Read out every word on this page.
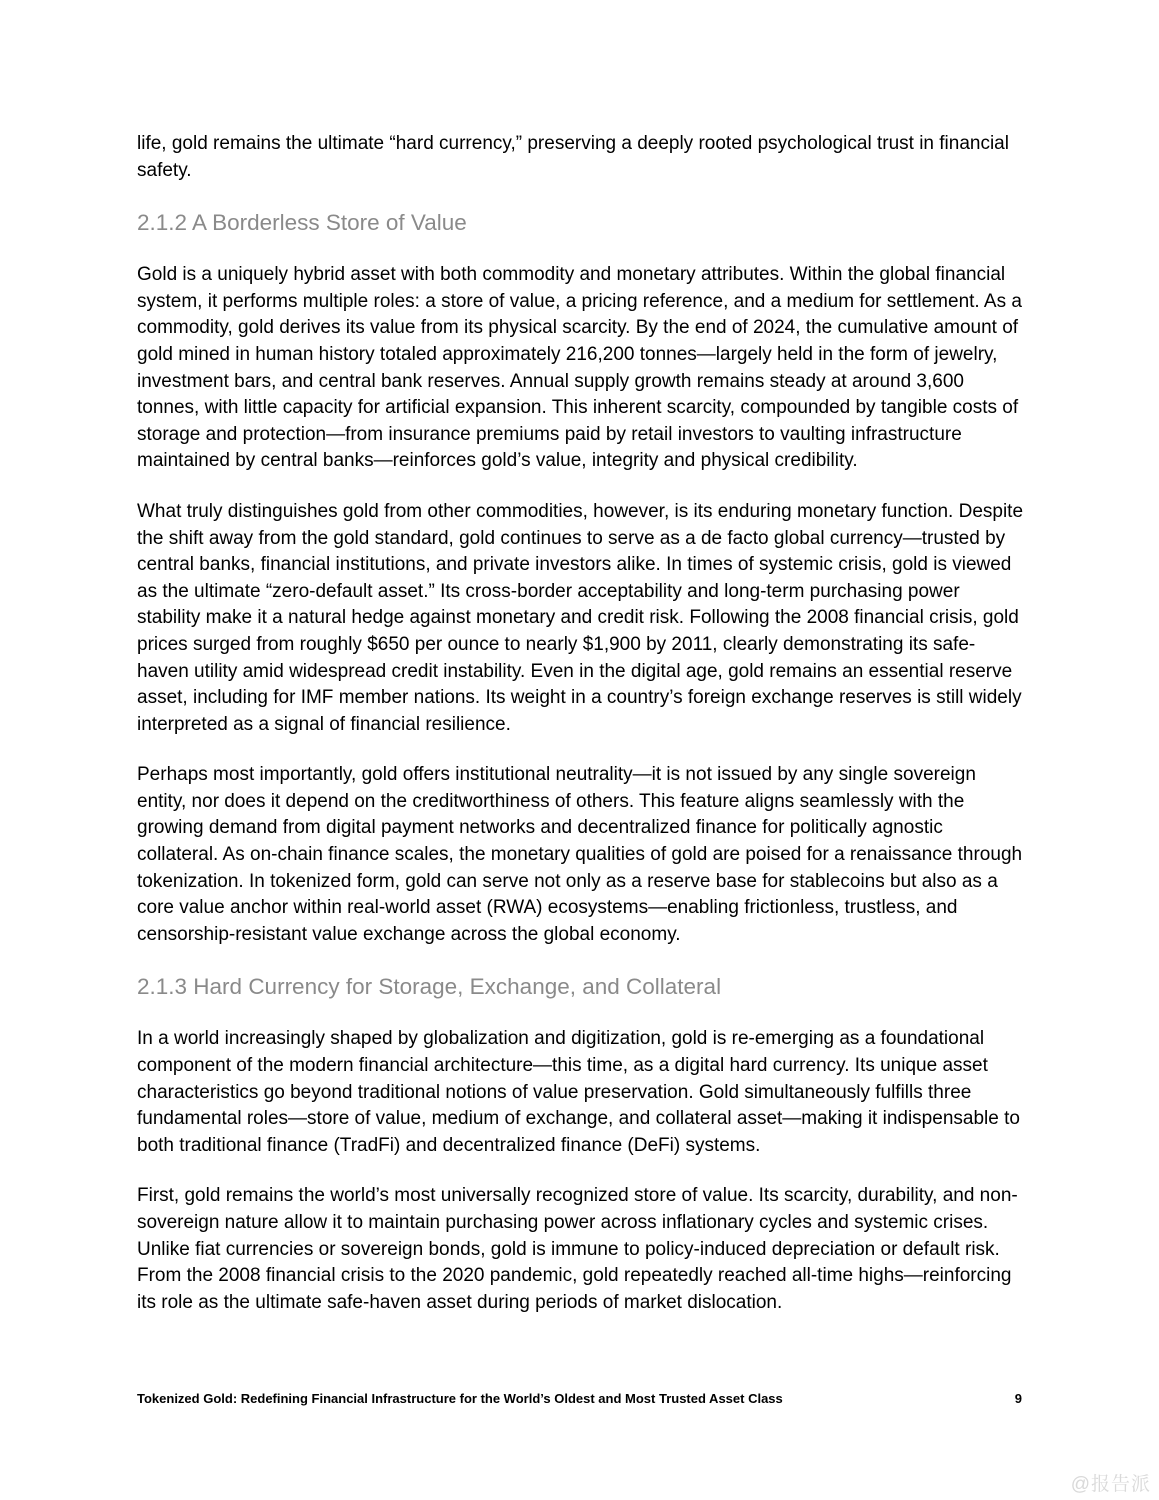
life, gold remains the ultimate “hard currency,” preserving a deeply rooted psychological trust in financial safety.

2.1.2 A Borderless Store of Value

Gold is a uniquely hybrid asset with both commodity and monetary attributes. Within the global financial system, it performs multiple roles: a store of value, a pricing reference, and a medium for settlement. As a commodity, gold derives its value from its physical scarcity. By the end of 2024, the cumulative amount of gold mined in human history totaled approximately 216,200 tonnes—largely held in the form of jewelry, investment bars, and central bank reserves. Annual supply growth remains steady at around 3,600 tonnes, with little capacity for artificial expansion. This inherent scarcity, compounded by tangible costs of storage and protection—from insurance premiums paid by retail investors to vaulting infrastructure maintained by central banks—reinforces gold’s value, integrity and physical credibility.

What truly distinguishes gold from other commodities, however, is its enduring monetary function. Despite the shift away from the gold standard, gold continues to serve as a de facto global currency—trusted by central banks, financial institutions, and private investors alike. In times of systemic crisis, gold is viewed as the ultimate “zero-default asset.” Its cross-border acceptability and long-term purchasing power stability make it a natural hedge against monetary and credit risk. Following the 2008 financial crisis, gold prices surged from roughly $650 per ounce to nearly $1,900 by 2011, clearly demonstrating its safe-haven utility amid widespread credit instability. Even in the digital age, gold remains an essential reserve asset, including for IMF member nations. Its weight in a country’s foreign exchange reserves is still widely interpreted as a signal of financial resilience.

Perhaps most importantly, gold offers institutional neutrality—it is not issued by any single sovereign entity, nor does it depend on the creditworthiness of others. This feature aligns seamlessly with the growing demand from digital payment networks and decentralized finance for politically agnostic collateral. As on-chain finance scales, the monetary qualities of gold are poised for a renaissance through tokenization. In tokenized form, gold can serve not only as a reserve base for stablecoins but also as a core value anchor within real-world asset (RWA) ecosystems—enabling frictionless, trustless, and censorship-resistant value exchange across the global economy.

2.1.3 Hard Currency for Storage, Exchange, and Collateral

In a world increasingly shaped by globalization and digitization, gold is re-emerging as a foundational component of the modern financial architecture—this time, as a digital hard currency. Its unique asset characteristics go beyond traditional notions of value preservation. Gold simultaneously fulfills three fundamental roles—store of value, medium of exchange, and collateral asset—making it indispensable to both traditional finance (TradFi) and decentralized finance (DeFi) systems.

First, gold remains the world’s most universally recognized store of value. Its scarcity, durability, and non-sovereign nature allow it to maintain purchasing power across inflationary cycles and systemic crises. Unlike fiat currencies or sovereign bonds, gold is immune to policy-induced depreciation or default risk. From the 2008 financial crisis to the 2020 pandemic, gold repeatedly reached all-time highs—reinforcing its role as the ultimate safe-haven asset during periods of market dislocation.

Tokenized Gold: Redefining Financial Infrastructure for the World’s Oldest and Most Trusted Asset Class	9
@报告派
